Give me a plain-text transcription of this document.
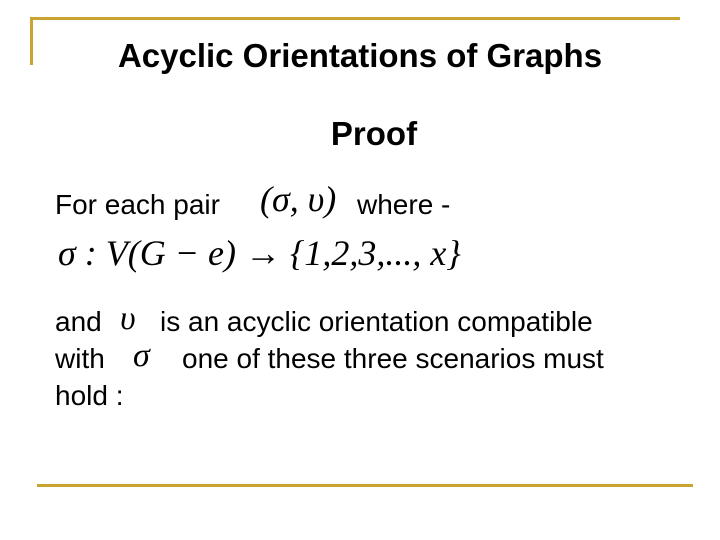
Acyclic Orientations of Graphs
Proof
For each pair (σ, υ) where -
σ : V(G − e) → {1,2,3,..., x}
and υ is an acyclic orientation compatible
with σ one of these three scenarios must
hold :
